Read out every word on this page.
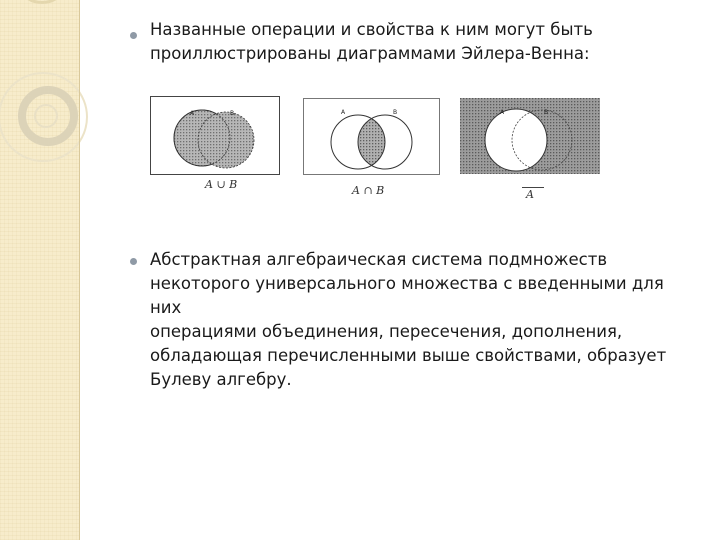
Названные операции и свойства к ним могут быть
проиллюстрированы диаграммами Эйлера-Венна:
A	B
A ∪ B
A	B
A ∩ B
A	B
A
Абстрактная алгебраическая система подмножеств
некоторого универсального множества с введенными для них
операциями объединения, пересечения, дополнения,
обладающая перечисленными выше свойствами, образует
Булеву алгебру.
